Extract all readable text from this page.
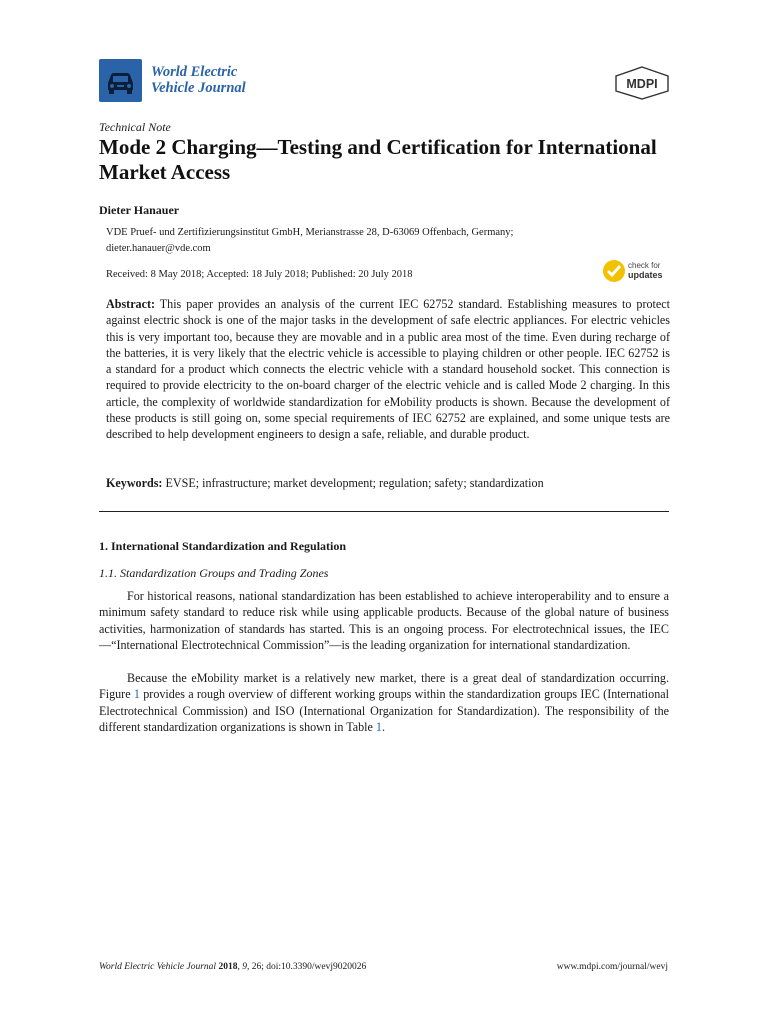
World Electric
Vehicle Journal	MDPI
Technical Note
Mode 2 Charging—Testing and Certification for International Market Access
Dieter Hanauer
VDE Pruef- und Zertifizierungsinstitut GmbH, Merianstrasse 28, D-63069 Offenbach, Germany;
dieter.hanauer@vde.com
Received: 8 May 2018; Accepted: 18 July 2018; Published: 20 July 2018
check for
updates
Abstract: This paper provides an analysis of the current IEC 62752 standard. Establishing measures to protect against electric shock is one of the major tasks in the development of safe electric appliances. For electric vehicles this is very important too, because they are movable and in a public area most of the time. Even during recharge of the batteries, it is very likely that the electric vehicle is accessible to playing children or other people. IEC 62752 is a standard for a product which connects the electric vehicle with a standard household socket. This connection is required to provide electricity to the on-board charger of the electric vehicle and is called Mode 2 charging. In this article, the complexity of worldwide standardization for eMobility products is shown. Because the development of these products is still going on, some special requirements of IEC 62752 are explained, and some unique tests are described to help development engineers to design a safe, reliable, and durable product.
Keywords: EVSE; infrastructure; market development; regulation; safety; standardization
1. International Standardization and Regulation
1.1. Standardization Groups and Trading Zones

For historical reasons, national standardization has been established to achieve interoperability and to ensure a minimum safety standard to reduce risk while using applicable products. Because of the global nature of business activities, harmonization of standards has started. This is an ongoing process. For electrotechnical issues, the IEC—“International Electrotechnical Commission”—is the leading organization for international standardization.

Because the eMobility market is a relatively new market, there is a great deal of standardization occurring. Figure 1 provides a rough overview of different working groups within the standardization groups IEC (International Electrotechnical Commission) and ISO (International Organization for Standardization). The responsibility of the different standardization organizations is shown in Table 1.

World Electric Vehicle Journal 2018, 9, 26; doi:10.3390/wevj9020026	www.mdpi.com/journal/wevj
